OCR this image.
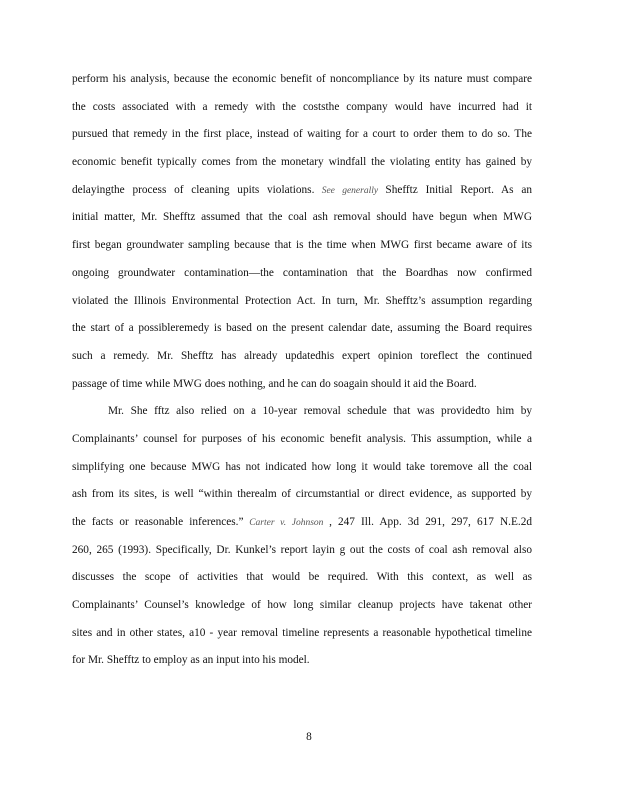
perform his analysis, because the economic benefit of noncompliance by its nature must compare
the costs associated with a remedy with the coststhe company would have incurred had it
pursued that remedy in the first place, instead of waiting for a court to order them to do so. The
economic benefit typically comes from the monetary windfall the violating entity has gained by
delayingthe process of cleaning upits violations. See generally Shefftz Initial Report. As an
initial matter, Mr. Shefftz assumed that the coal ash removal should have begun when MWG
first began groundwater sampling because that is the time when MWG first became aware of its
ongoing groundwater contamination—the contamination that the Boardhas now confirmed
violated the Illinois Environmental Protection Act. In turn, Mr. Shefftz’s assumption regarding
the start of a possibleremedy is based on the present calendar date, assuming the Board requires
such a remedy. Mr. Shefftz has already updatedhis expert opinion toreflect the continued
passage of time while MWG does nothing, and he can do soagain should it aid the Board.
Mr. She fftz also relied on a 10-year removal schedule that was providedto him by
Complainants’ counsel for purposes of his economic benefit analysis. This assumption, while a
simplifying one because MWG has not indicated how long it would take toremove all the coal
ash from its sites, is well “within therealm of circumstantial or direct evidence, as supported by
the facts or reasonable inferences.” Carter v. Johnson , 247 Ill. App. 3d 291, 297, 617 N.E.2d
260, 265 (1993). Specifically, Dr. Kunkel’s report layin g out the costs of coal ash removal also
discusses the scope of activities that would be required. With this context, as well as
Complainants’ Counsel’s knowledge of how long similar cleanup projects have takenat other
sites and in other states, a10 - year removal timeline represents a reasonable hypothetical timeline
for Mr. Shefftz to employ as an input into his model.
8
